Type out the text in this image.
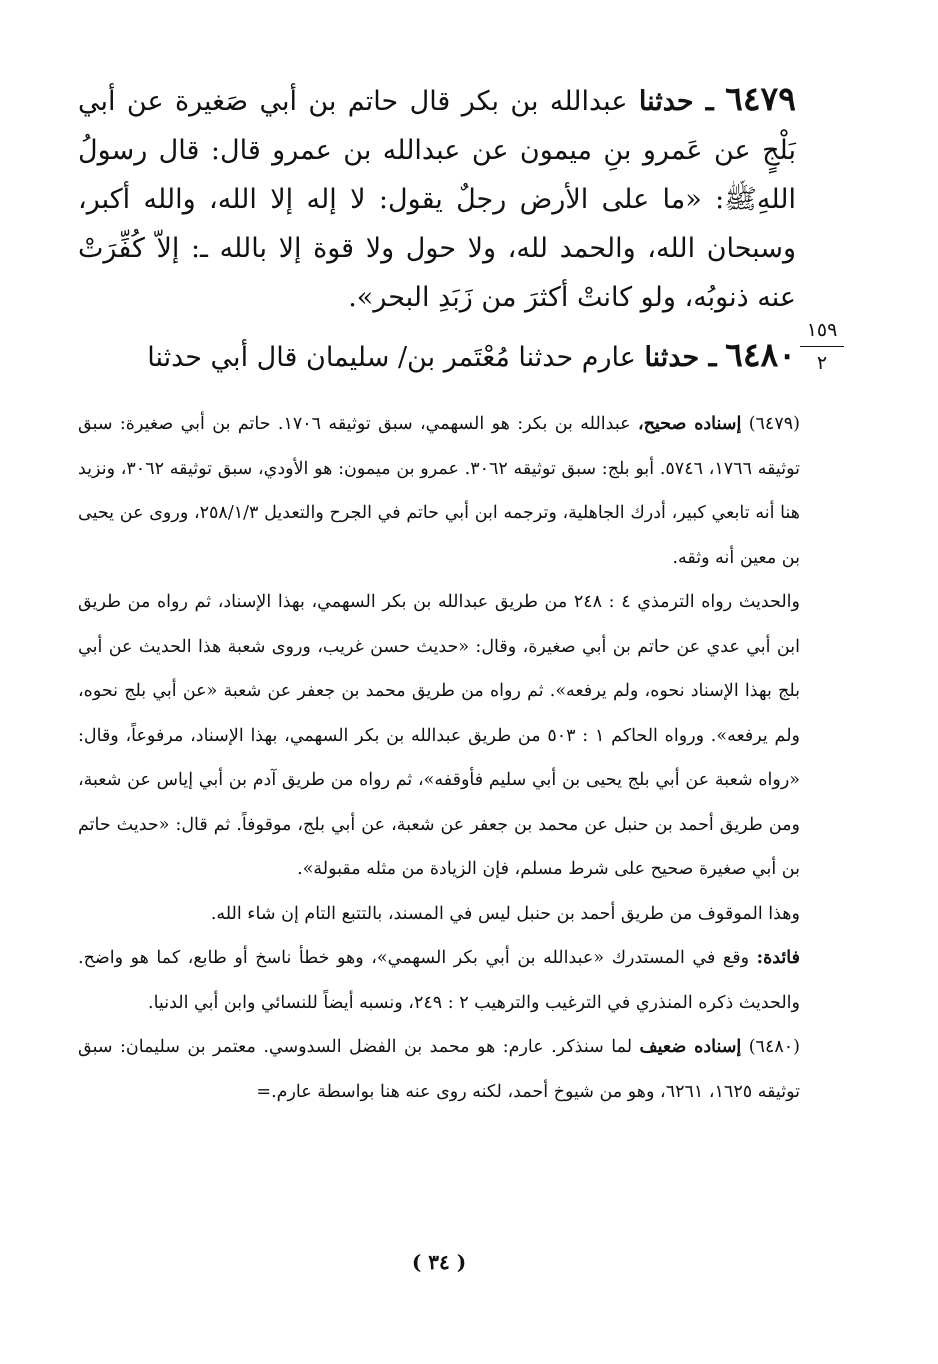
٦٤٧٩ ـ حدثنا عبدالله بن بكر قال حاتم بن أبي صَغيرة عن أبي بَلْجٍ عن عَمرو بنِ ميمون عن عبدالله بن عمرو قال: قال رسولُ اللهِﷺ: «ما على الأرض رجلٌ يقول: لا إله إلا الله، والله أكبر، وسبحان الله، والحمد لله، ولا حول ولا قوة إلا بالله ـ: إلاّ كُفِّرَتْ عنه ذنوبُه، ولو كانتْ أكثرَ من زَبَدِ البحر».

٦٤٨٠ ـ حدثنا عارم حدثنا مُعْتَمر بن/ سليمان قال أبي حدثنا
١٥٩
٢

(٦٤٧٩) إسناده صحيح، عبدالله بن بكر: هو السهمي، سبق توثيقه ١٧٠٦. حاتم بن أبي صغيرة: سبق توثيقه ١٧٦٦، ٥٧٤٦. أبو بلج: سبق توثيقه ٣٠٦٢. عمرو بن ميمون: هو الأودي، سبق توثيقه ٣٠٦٢، ونزيد هنا أنه تابعي كبير، أدرك الجاهلية، وترجمه ابن أبي حاتم في الجرح والتعديل ٢٥٨/١/٣، وروى عن يحيى بن معين أنه وثقه.

والحديث رواه الترمذي ٤ : ٢٤٨ من طريق عبدالله بن بكر السهمي، بهذا الإسناد، ثم رواه من طريق ابن أبي عدي عن حاتم بن أبي صغيرة، وقال: «حديث حسن غريب، وروى شعبة هذا الحديث عن أبي بلج بهذا الإسناد نحوه، ولم يرفعه». ثم رواه من طريق محمد بن جعفر عن شعبة «عن أبي بلج نحوه، ولم يرفعه». ورواه الحاكم ١ : ٥٠٣ من طريق عبدالله بن بكر السهمي، بهذا الإسناد، مرفوعاً، وقال: «رواه شعبة عن أبي بلج يحيى بن أبي سليم فأوقفه»، ثم رواه من طريق آدم بن أبي إياس عن شعبة، ومن طريق أحمد بن حنبل عن محمد بن جعفر عن شعبة، عن أبي بلج، موقوفاً. ثم قال: «حديث حاتم بن أبي صغيرة صحيح على شرط مسلم، فإن الزيادة من مثله مقبولة».

وهذا الموقوف من طريق أحمد بن حنبل ليس في المسند، بالتتبع التام إن شاء الله.

فائدة: وقع في المستدرك «عبدالله بن أبي بكر السهمي»، وهو خطأ ناسخ أو طابع، كما هو واضح. والحديث ذكره المنذري في الترغيب والترهيب ٢ : ٢٤٩، ونسبه أيضاً للنسائي وابن أبي الدنيا.

(٦٤٨٠) إسناده ضعيف لما سنذكر. عارم: هو محمد بن الفضل السدوسي. معتمر بن سليمان: سبق توثيقه ١٦٢٥، ٦٢٦١، وهو من شيوخ أحمد، لكنه روى عنه هنا بواسطة عارم.=

( ٣٤ )
